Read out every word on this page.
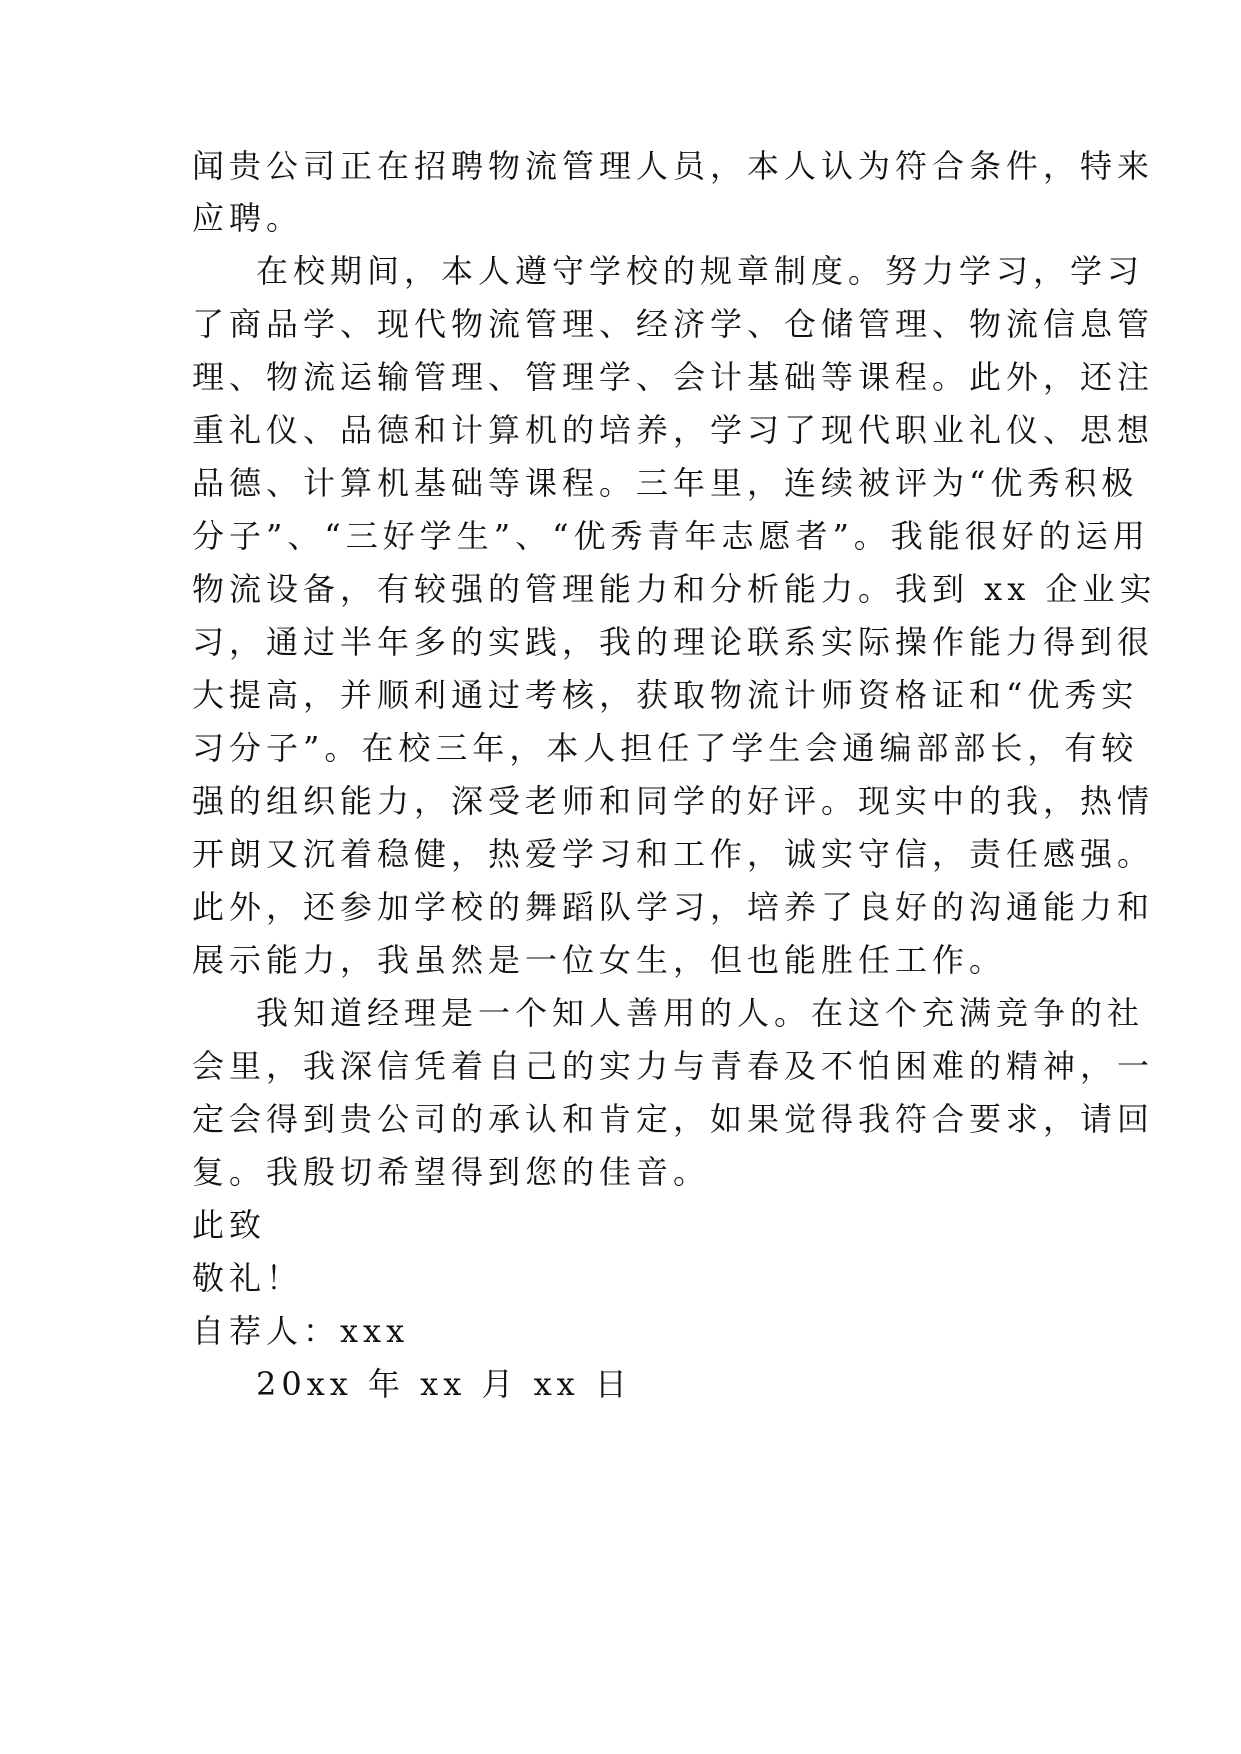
闻贵公司正在招聘物流管理人员，本人认为符合条件，特来
应聘。
在校期间，本人遵守学校的规章制度。努力学习，学习
了商品学、现代物流管理、经济学、仓储管理、物流信息管
理、物流运输管理、管理学、会计基础等课程。此外，还注
重礼仪、品德和计算机的培养，学习了现代职业礼仪、思想
品德、计算机基础等课程。三年里，连续被评为“优秀积极
分子”、“三好学生”、“优秀青年志愿者”。我能很好的运用
物流设备，有较强的管理能力和分析能力。我到 xx 企业实
习，通过半年多的实践，我的理论联系实际操作能力得到很
大提高，并顺利通过考核，获取物流计师资格证和“优秀实
习分子”。在校三年，本人担任了学生会通编部部长，有较
强的组织能力，深受老师和同学的好评。现实中的我，热情
开朗又沉着稳健，热爱学习和工作，诚实守信，责任感强。
此外，还参加学校的舞蹈队学习，培养了良好的沟通能力和
展示能力，我虽然是一位女生，但也能胜任工作。
我知道经理是一个知人善用的人。在这个充满竞争的社
会里，我深信凭着自己的实力与青春及不怕困难的精神，一
定会得到贵公司的承认和肯定，如果觉得我符合要求，请回
复。我殷切希望得到您的佳音。
此致
敬礼！
自荐人：xxx
20xx 年 xx 月 xx 日
